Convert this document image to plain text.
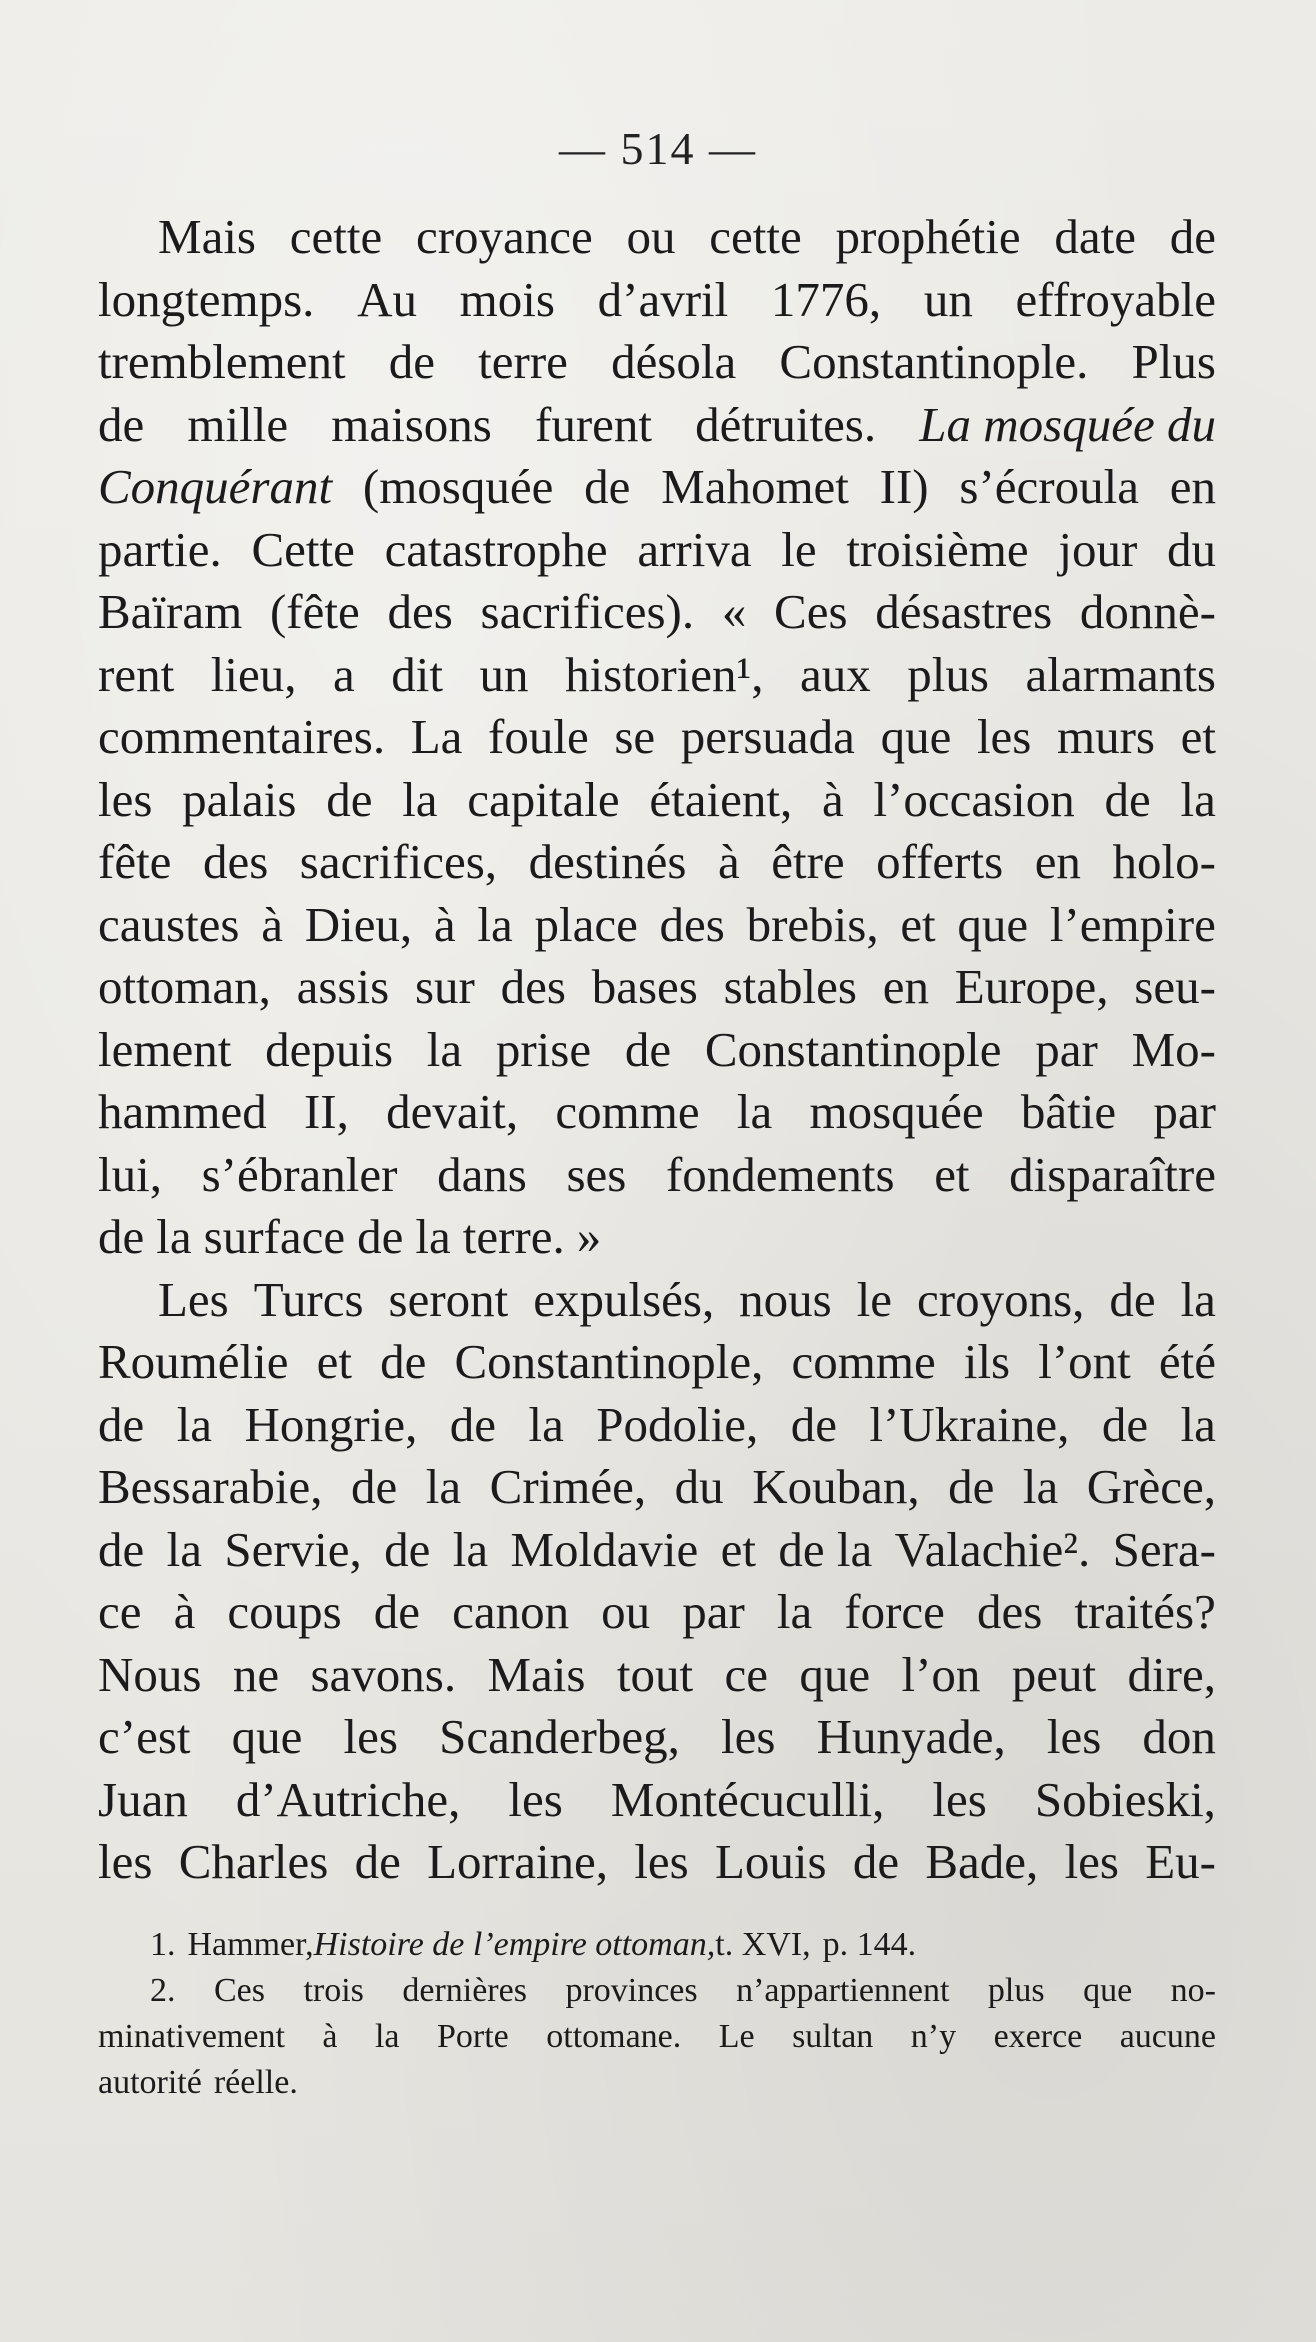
— 514 —
Mais cette croyance ou cette prophétie date de
longtemps. Au mois d’avril 1776, un effroyable
tremblement de terre désola Constantinople. Plus
de mille maisons furent détruites. La mosquée du
Conquérant (mosquée de Mahomet II) s’écroula en
partie. Cette catastrophe arriva le troisième jour du
Baïram (fête des sacrifices). « Ces désastres donnè-
rent lieu, a dit un historien¹, aux plus alarmants
commentaires. La foule se persuada que les murs et
les palais de la capitale étaient, à l’occasion de la
fête des sacrifices, destinés à être offerts en holo-
caustes à Dieu, à la place des brebis, et que l’empire
ottoman, assis sur des bases stables en Europe, seu-
lement depuis la prise de Constantinople par Mo-
hammed II, devait, comme la mosquée bâtie par
lui, s’ébranler dans ses fondements et disparaître
de la surface de la terre. »
Les Turcs seront expulsés, nous le croyons, de la
Roumélie et de Constantinople, comme ils l’ont été
de la Hongrie, de la Podolie, de l’Ukraine, de la
Bessarabie, de la Crimée, du Kouban, de la Grèce,
de la Servie, de la Moldavie et de la Valachie². Sera-
ce à coups de canon ou par la force des traités?
Nous ne savons. Mais tout ce que l’on peut dire,
c’est que les Scanderbeg, les Hunyade, les don
Juan d’Autriche, les Montécuculli, les Sobieski,
les Charles de Lorraine, les Louis de Bade, les Eu-
1. Hammer, Histoire de l’empire ottoman, t. XVI, p. 144.
2. Ces trois dernières provinces n’appartiennent plus que no-
minativement à la Porte ottomane. Le sultan n’y exerce aucune
autorité réelle.
